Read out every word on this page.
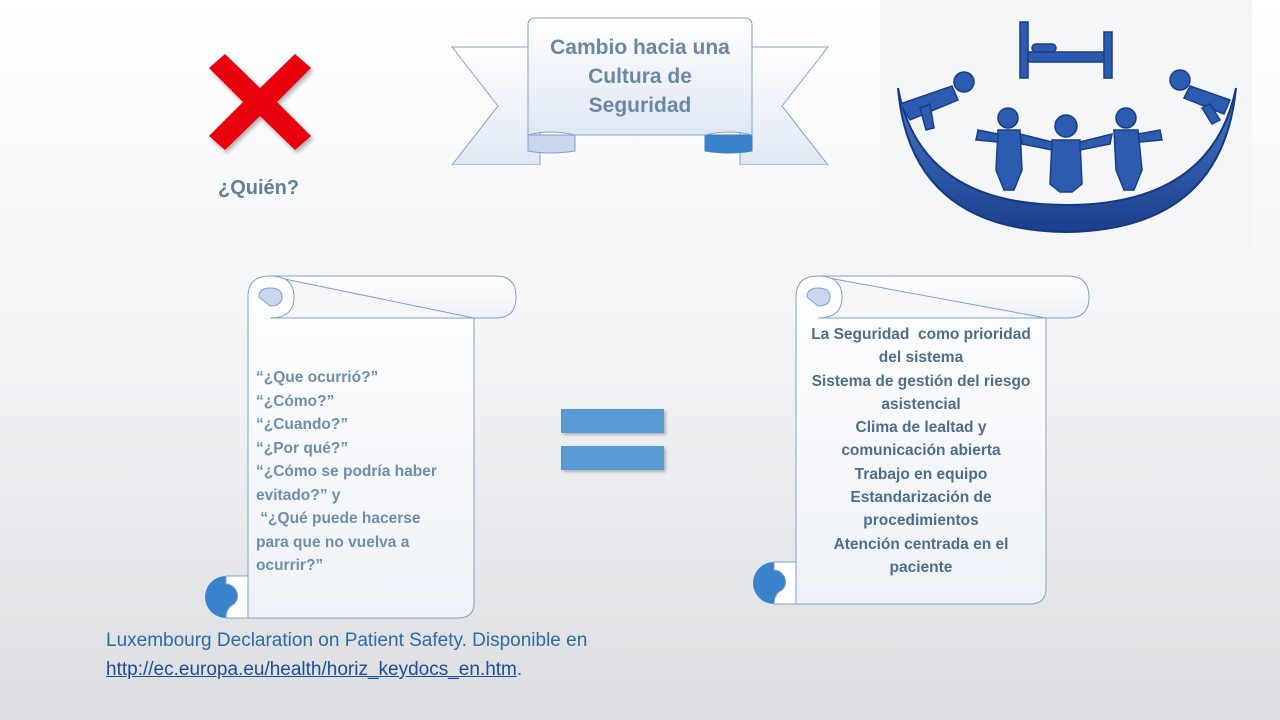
¿Quién?
Cambio hacia una
Cultura de
Seguridad
“¿Que ocurrió?”
“¿Cómo?”
“¿Cuando?”
“¿Por qué?”
“¿Cómo se podría haber
evitado?” y
“¿Qué puede hacerse
para que no vuelva a
ocurrir?”
La Seguridad  como prioridad
del sistema
Sistema de gestión del riesgo
asistencial
Clima de lealtad y
comunicación abierta
Trabajo en equipo
Estandarización de
procedimientos
Atención centrada en el
paciente
Luxembourg Declaration on Patient Safety. Disponible en
http://ec.europa.eu/health/horiz_keydocs_en.htm.
